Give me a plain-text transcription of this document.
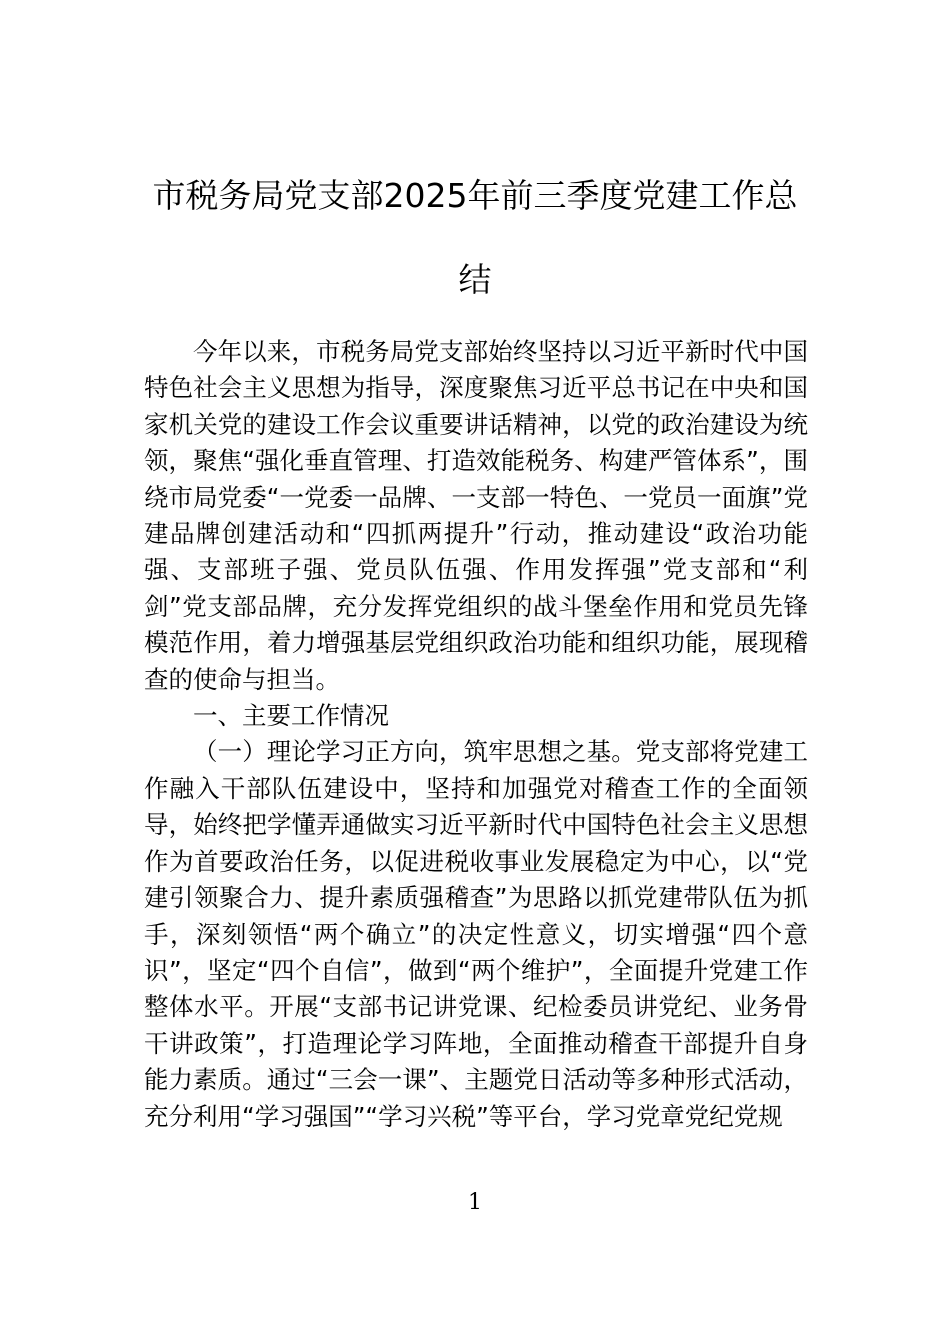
市税务局党支部2025年前三季度党建工作总结

今年以来，市税务局党支部始终坚持以习近平新时代中国特色社会主义思想为指导，深度聚焦习近平总书记在中央和国家机关党的建设工作会议重要讲话精神，以党的政治建设为统领，聚焦“强化垂直管理、打造效能税务、构建严管体系”，围绕市局党委“一党委一品牌、一支部一特色、一党员一面旗”党建品牌创建活动和“四抓两提升”行动，推动建设“政治功能强、支部班子强、党员队伍强、作用发挥强”党支部和“利剑”党支部品牌，充分发挥党组织的战斗堡垒作用和党员先锋模范作用，着力增强基层党组织政治功能和组织功能，展现稽查的使命与担当。

一、主要工作情况

（一）理论学习正方向，筑牢思想之基。党支部将党建工作融入干部队伍建设中，坚持和加强党对稽查工作的全面领导，始终把学懂弄通做实习近平新时代中国特色社会主义思想作为首要政治任务，以促进税收事业发展稳定为中心，以“党建引领聚合力、提升素质强稽查”为思路以抓党建带队伍为抓手，深刻领悟“两个确立”的决定性意义，切实增强“四个意识”，坚定“四个自信”，做到“两个维护”，全面提升党建工作整体水平。开展“支部书记讲党课、纪检委员讲党纪、业务骨干讲政策”，打造理论学习阵地，全面推动稽查干部提升自身能力素质。通过“三会一课”、主题党日活动等多种形式活动，充分利用“学习强国”“学习兴税”等平台，学习党章党纪党规

1
